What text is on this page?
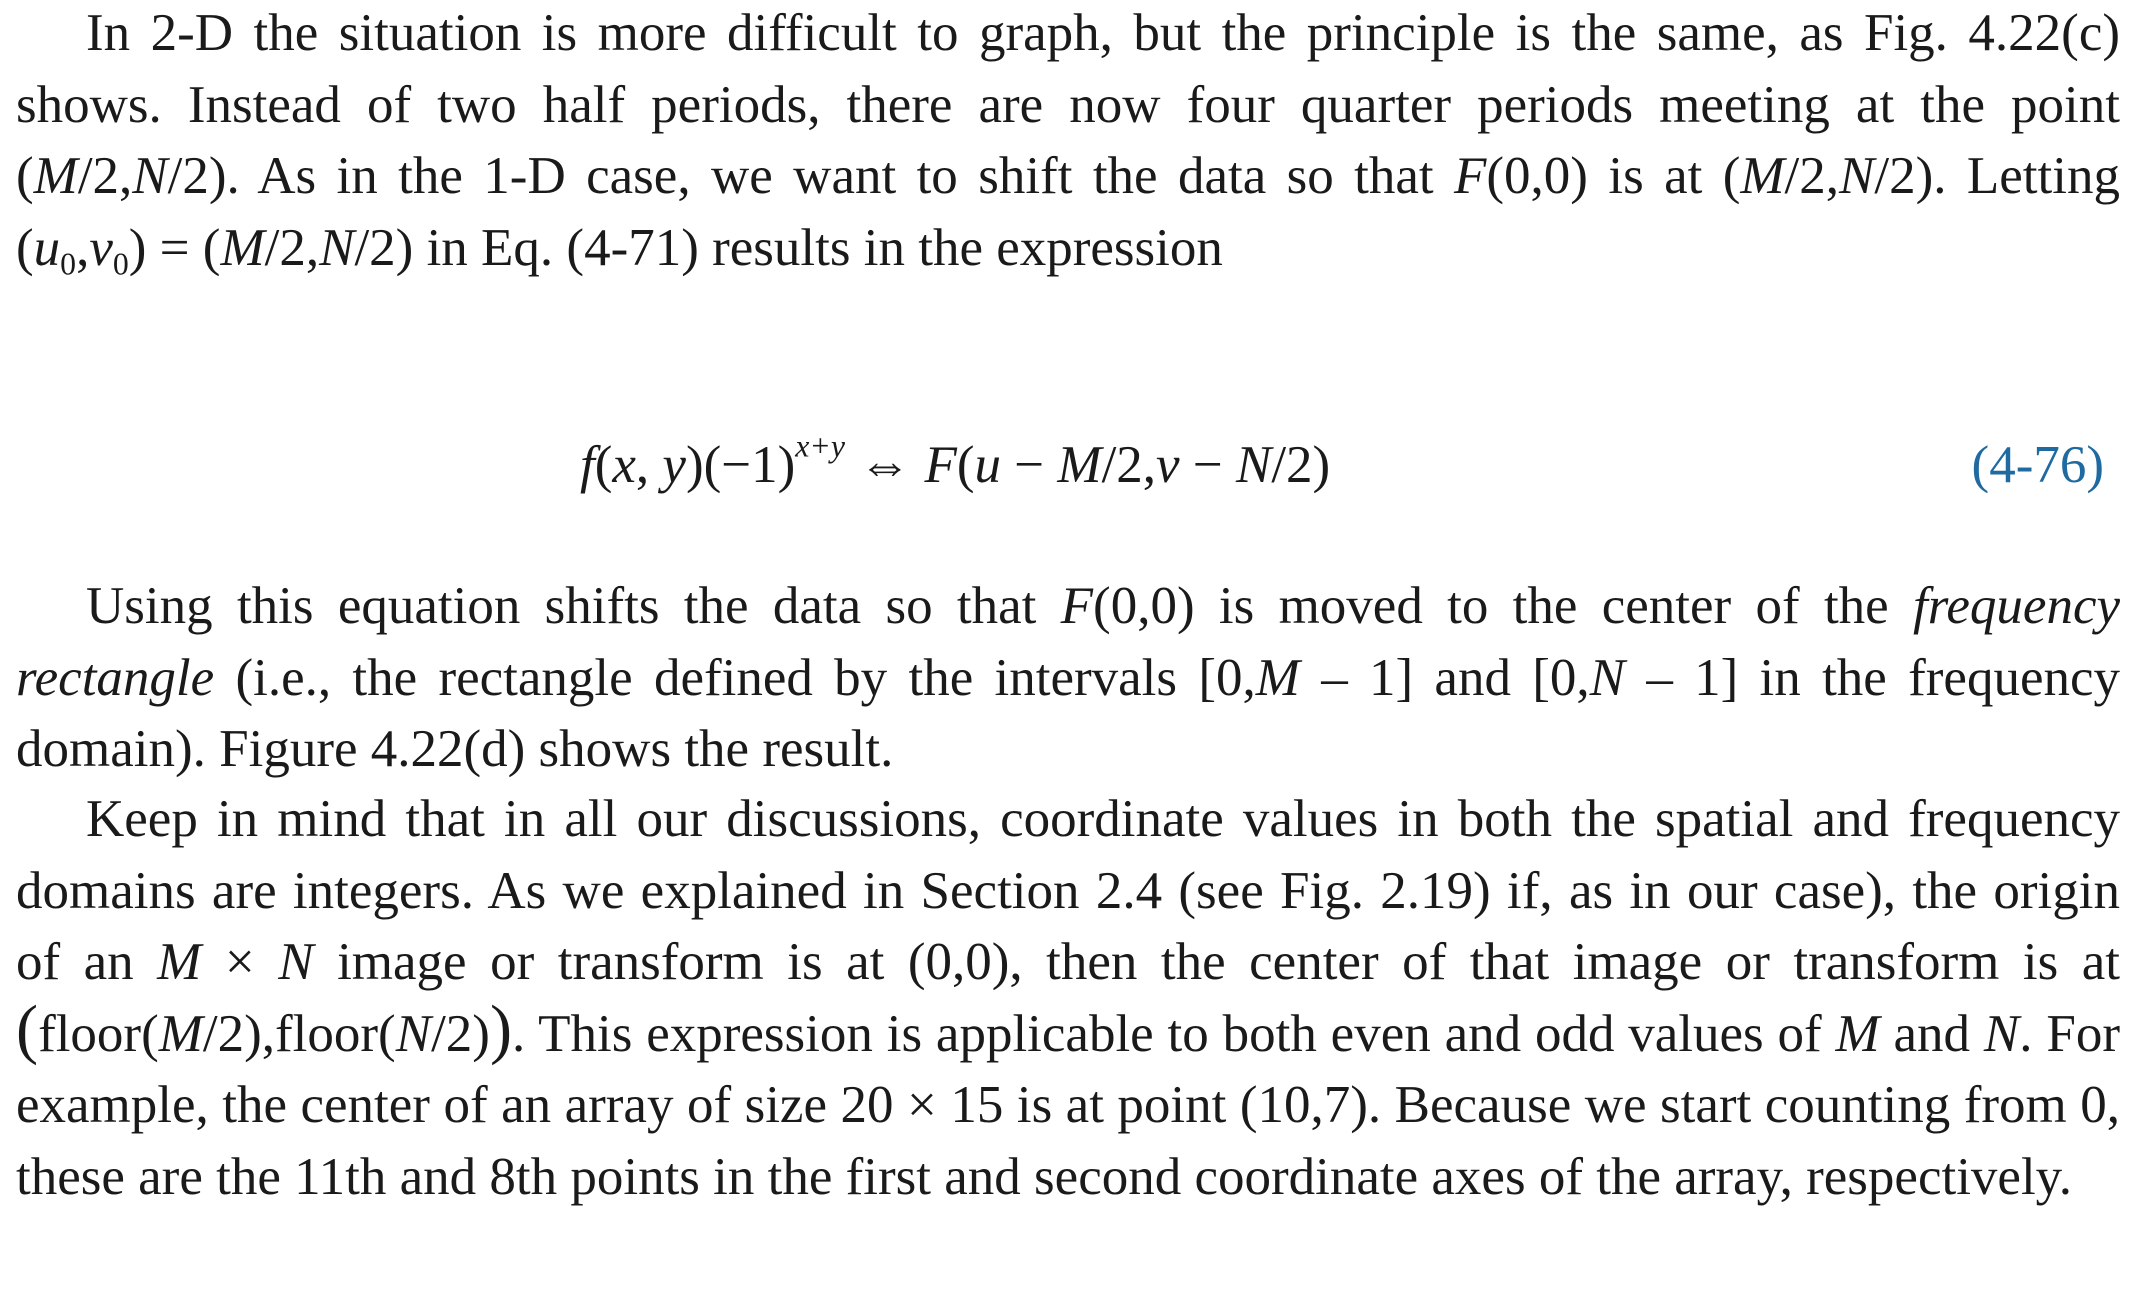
In 2-D the situation is more difficult to graph, but the principle is the same, as Fig. 4.22(c) shows. Instead of two half periods, there are now four quarter periods meeting at the point (M/2,N/2). As in the 1-D case, we want to shift the data so that F(0,0) is at (M/2,N/2). Letting $(u_0,v_0) = (M/2,N/2)$ in Eq. (4-71) results in the expression

f(x, $y)(-1)^{x+y}$ ⇔ F(u − M/2,v − N/2)	(4-76)

Using this equation shifts the data so that F(0,0) is moved to the center of the frequency rectangle (i.e., the rectangle defined by the intervals [0,M – 1] and [0,N – 1] in the frequency domain). Figure 4.22(d) shows the result.

Keep in mind that in all our discussions, coordinate values in both the spatial and frequency domains are integers. As we explained in Section 2.4 (see Fig. 2.19) if, as in our case), the origin of an M × N image or transform is at (0,0), then the center of that image or transform is at (floor(M/2),floor(N/2)). This expression is applicable to both even and odd values of M and N. For example, the center of an array of size 20 × 15 is at point (10,7). Because we start counting from 0, these are the 11th and 8th points in the first and second coordinate axes of the array, respectively.
